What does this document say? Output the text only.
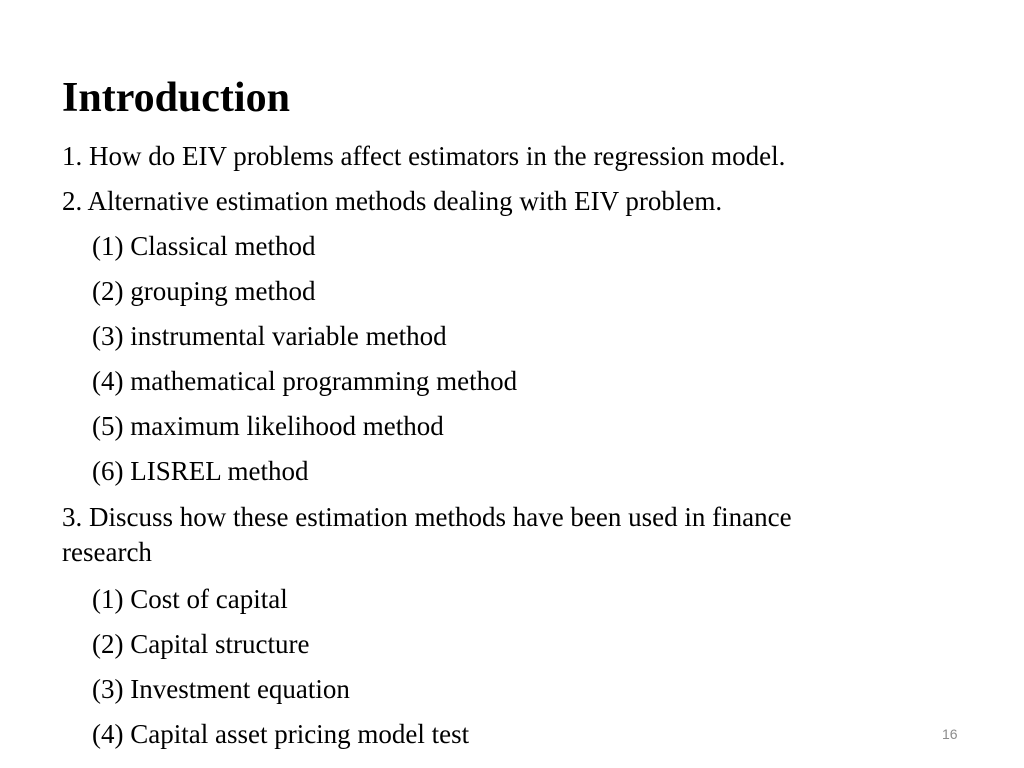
Introduction
1. How do EIV problems affect estimators in the regression model.
2. Alternative estimation methods dealing with EIV problem.
(1) Classical method
(2) grouping method
(3) instrumental variable method
(4) mathematical programming method
(5) maximum likelihood method
(6) LISREL method
3. Discuss how these estimation methods have been used in finance
research
(1) Cost of capital
(2) Capital structure
(3) Investment equation
(4) Capital asset pricing model test	16
